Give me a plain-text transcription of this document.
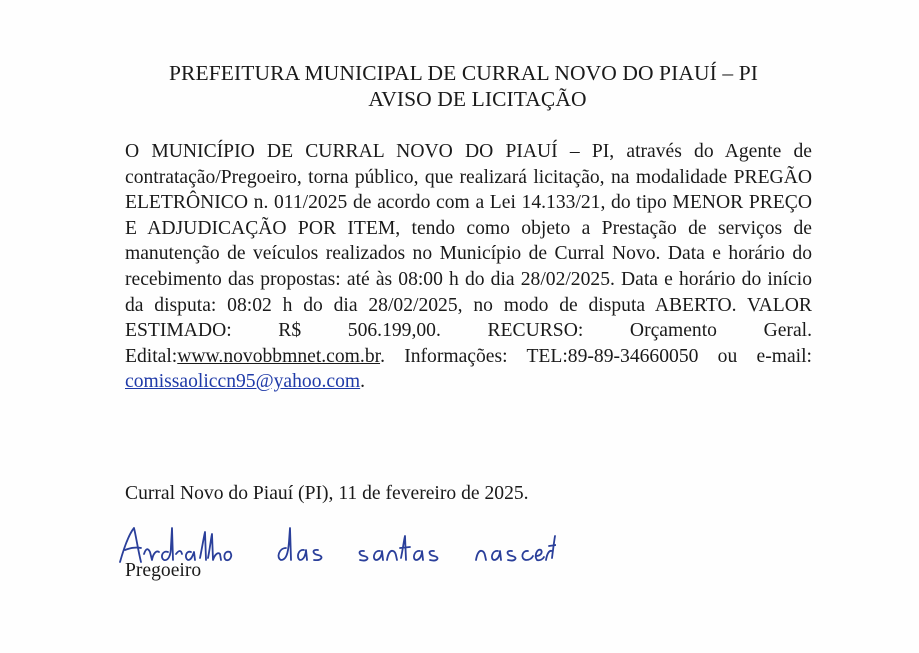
PREFEITURA MUNICIPAL DE CURRAL NOVO DO PIAUÍ – PI
AVISO DE LICITAÇÃO
O MUNICÍPIO DE CURRAL NOVO DO PIAUÍ – PI, através do Agente de contratação/Pregoeiro, torna público, que realizará licitação, na modalidade PREGÃO ELETRÔNICO n. 011/2025 de acordo com a Lei 14.133/21, do tipo MENOR PREÇO E ADJUDICAÇÃO POR ITEM, tendo como objeto a Prestação de serviços de manutenção de veículos realizados no Município de Curral Novo. Data e horário do recebimento das propostas: até às 08:00 h do dia 28/02/2025. Data e horário do início da disputa: 08:02 h do dia 28/02/2025, no modo de disputa ABERTO. VALOR ESTIMADO: R$ 506.199,00. RECURSO: Orçamento Geral. Edital:www.novobbmnet.com.br. Informações: TEL:89-89-34660050 ou e-mail: comissaoliccn95@yahoo.com.
Curral Novo do Piauí (PI), 11 de fevereiro de 2025.
Pregoeiro
